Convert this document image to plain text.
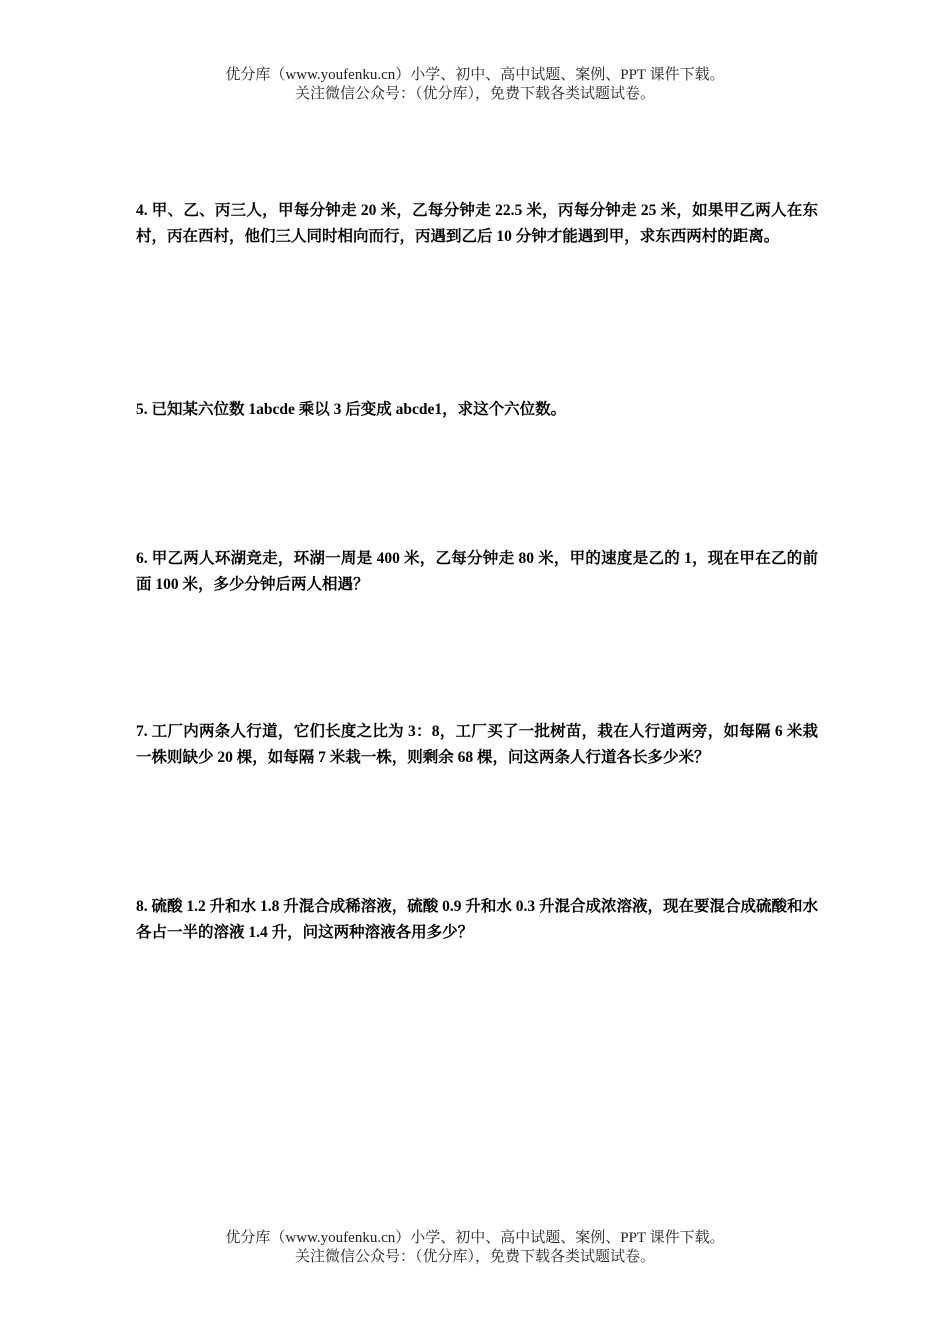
优分库（www.youfenku.cn）小学、初中、高中试题、案例、PPT 课件下载。
关注微信公众号：（优分库），免费下载各类试题试卷。

4. 甲、乙、丙三人，甲每分钟走 20 米，乙每分钟走 22.5 米，丙每分钟走 25 米，如果甲乙两人在东村，丙在西村，他们三人同时相向而行，丙遇到乙后 10 分钟才能遇到甲，求东西两村的距离。

5. 已知某六位数 1abcde 乘以 3 后变成 abcde1，求这个六位数。

6. 甲乙两人环湖竞走，环湖一周是 400 米，乙每分钟走 80 米，甲的速度是乙的 1，现在甲在乙的前面 100 米，多少分钟后两人相遇？

7. 工厂内两条人行道，它们长度之比为 3：8，工厂买了一批树苗，栽在人行道两旁，如每隔 6 米栽一株则缺少 20 棵，如每隔 7 米栽一株，则剩余 68 棵，问这两条人行道各长多少米？

8. 硫酸 1.2 升和水 1.8 升混合成稀溶液，硫酸 0.9 升和水 0.3 升混合成浓溶液，现在要混合成硫酸和水各占一半的溶液 1.4 升，问这两种溶液各用多少？

优分库（www.youfenku.cn）小学、初中、高中试题、案例、PPT 课件下载。
关注微信公众号：（优分库），免费下载各类试题试卷。
